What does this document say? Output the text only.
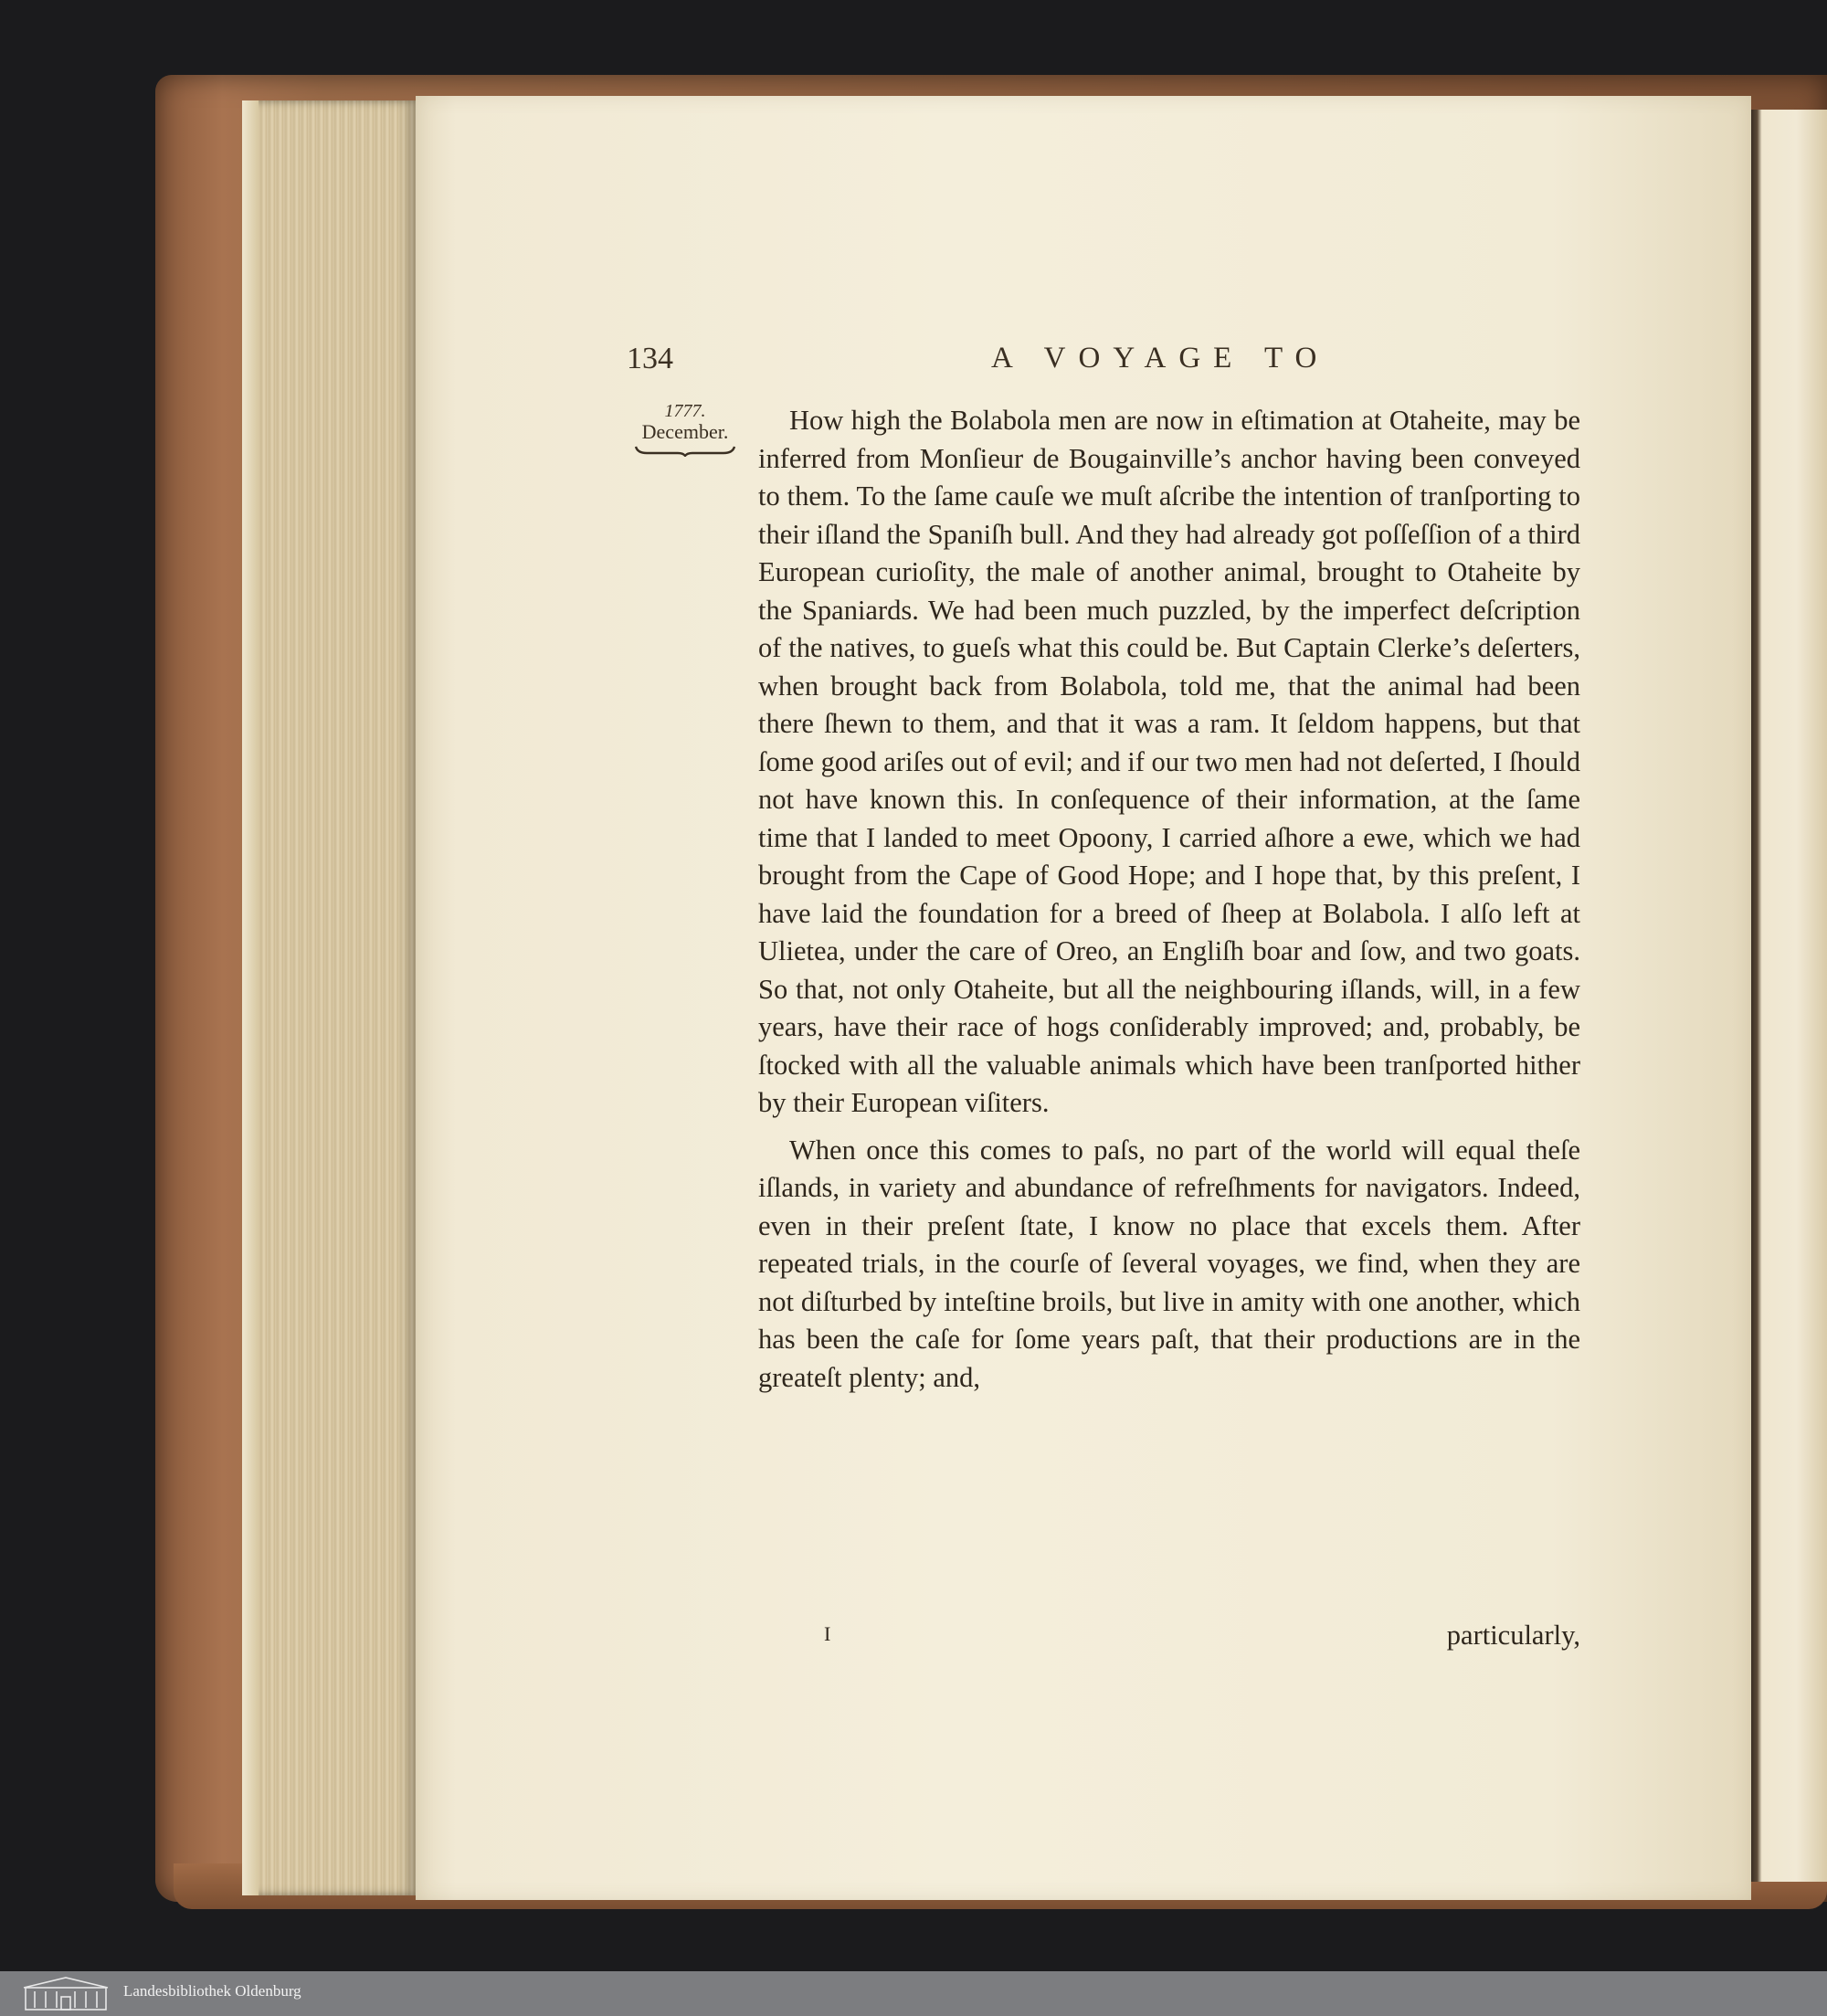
134	A VOYAGE TO
1777.
December.	How high the Bolabola men are now in eſtimation at Otaheite, may be inferred from Monſieur de Bougainville’s anchor having been conveyed to them. To the ſame cauſe we muſt aſcribe the intention of tranſporting to their iſland the Spaniſh bull. And they had already got poſſeſſion of a third European curioſity, the male of another animal, brought to Otaheite by the Spaniards. We had been much puzzled, by the imperfect deſcription of the natives, to gueſs what this could be. But Captain Clerke’s deſerters, when brought back from Bolabola, told me, that the animal had been there ſhewn to them, and that it was a ram. It ſeldom happens, but that ſome good ariſes out of evil; and if our two men had not deſerted, I ſhould not have known this. In conſequence of their information, at the ſame time that I landed to meet Opoony, I carried aſhore a ewe, which we had brought from the Cape of Good Hope; and I hope that, by this preſent, I have laid the foundation for a breed of ſheep at Bolabola. I alſo left at Ulietea, under the care of Oreo, an Engliſh boar and ſow, and two goats. So that, not only Otaheite, but all the neighbouring iſlands, will, in a few years, have their race of hogs conſiderably improved; and, probably, be ſtocked with all the valuable animals which have been tranſported hither by their European viſiters.

When once this comes to paſs, no part of the world will equal theſe iſlands, in variety and abundance of refreſhments for navigators. Indeed, even in their preſent ſtate, I know no place that excels them. After repeated trials, in the courſe of ſeveral voyages, we find, when they are not diſturbed by inteſtine broils, but live in amity with one another, which has been the caſe for ſome years paſt, that their productions are in the greateſt plenty; and,

I	particularly,
Landesbibliothek Oldenburg
